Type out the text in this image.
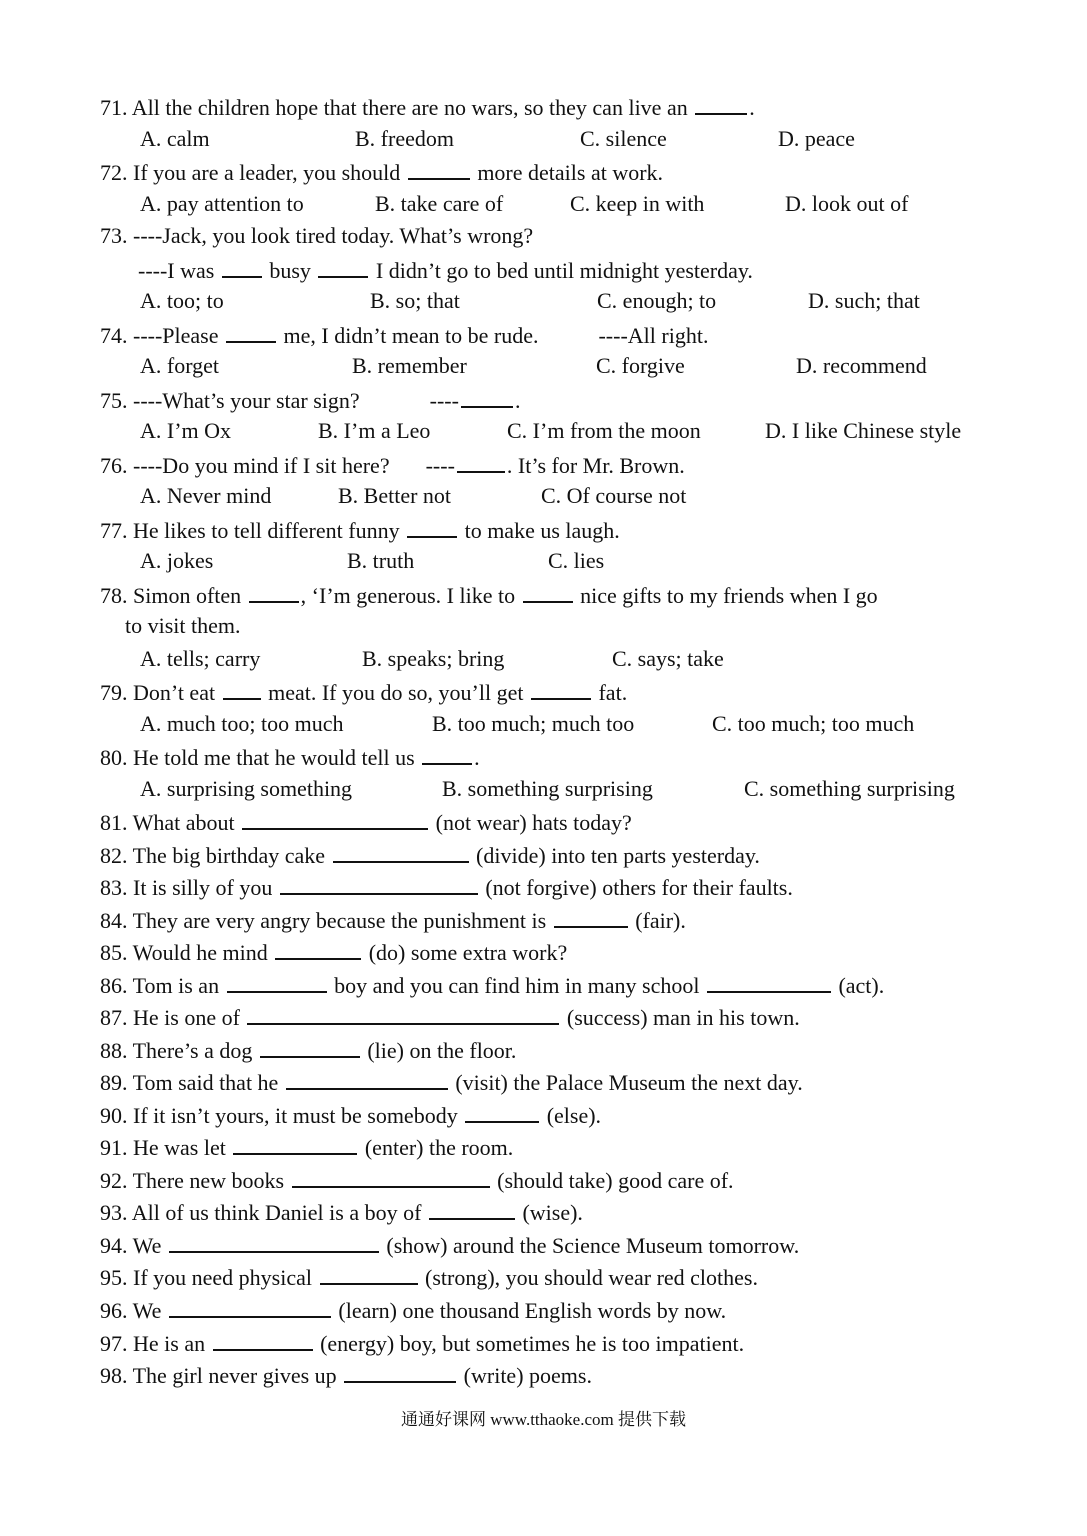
71. All the children hope that there are no wars, so they can live an	.
A. calm	B. freedom	C. silence	D. peace
72. If you are a leader, you should	more details at work.
A. pay attention to	B. take care of	C. keep in with	D. look out of
73. ----Jack, you look tired today. What’s wrong?
----I was  busy  I didn’t go to bed until midnight yesterday.
A. too; to	B. so; that	C. enough; to	D. such; that
74. ----Please  me, I didn’t mean to be rude.	----All right.
A. forget	B. remember	C. forgive	D. recommend
75. ----What’s your star sign?	----	.
A. I’m Ox	B. I’m a Leo	C. I’m from the moon	D. I like Chinese style
76. ----Do you mind if I sit here? ---- . It’s for Mr. Brown.
A. Never mind	B. Better not	C. Of course not
77. He likes to tell different funny  to make us laugh.
A. jokes	B. truth	C. lies
78. Simon often , ‘I’m generous. I like to  nice gifts to my friends when I go
to visit them.
A. tells; carry	B. speaks; bring	C. says; take
79. Don’t eat  meat. If you do so, you’ll get	fat.
A. much too; too much	B. too much; much too	C. too much; too much
80. He told me that he would tell us .
A. surprising something	B. something surprising	C. something surprising
81. What about	(not wear) hats today?
82. The big birthday cake	(divide) into ten parts yesterday.
83. It is silly of you	(not forgive) others for their faults.
84. They are very angry because the punishment is	(fair).
85. Would he mind	(do) some extra work?
86. Tom is an	boy and you can find him in many school	(act).
87. He is one of	(success) man in his town.
88. There’s a dog	(lie) on the floor.
89. Tom said that he	(visit) the Palace Museum the next day.
90. If it isn’t yours, it must be somebody	(else).
91. He was let	(enter) the room.
92. There new books	(should take) good care of.
93. All of us think Daniel is a boy of	(wise).
94. We	(show) around the Science Museum tomorrow.
95. If you need physical	(strong), you should wear red clothes.
96. We	(learn) one thousand English words by now.
97. He is an	(energy) boy, but sometimes he is too impatient.
98. The girl never gives up	(write) poems.
通通好课网 www.tthaoke.com 提供下载
